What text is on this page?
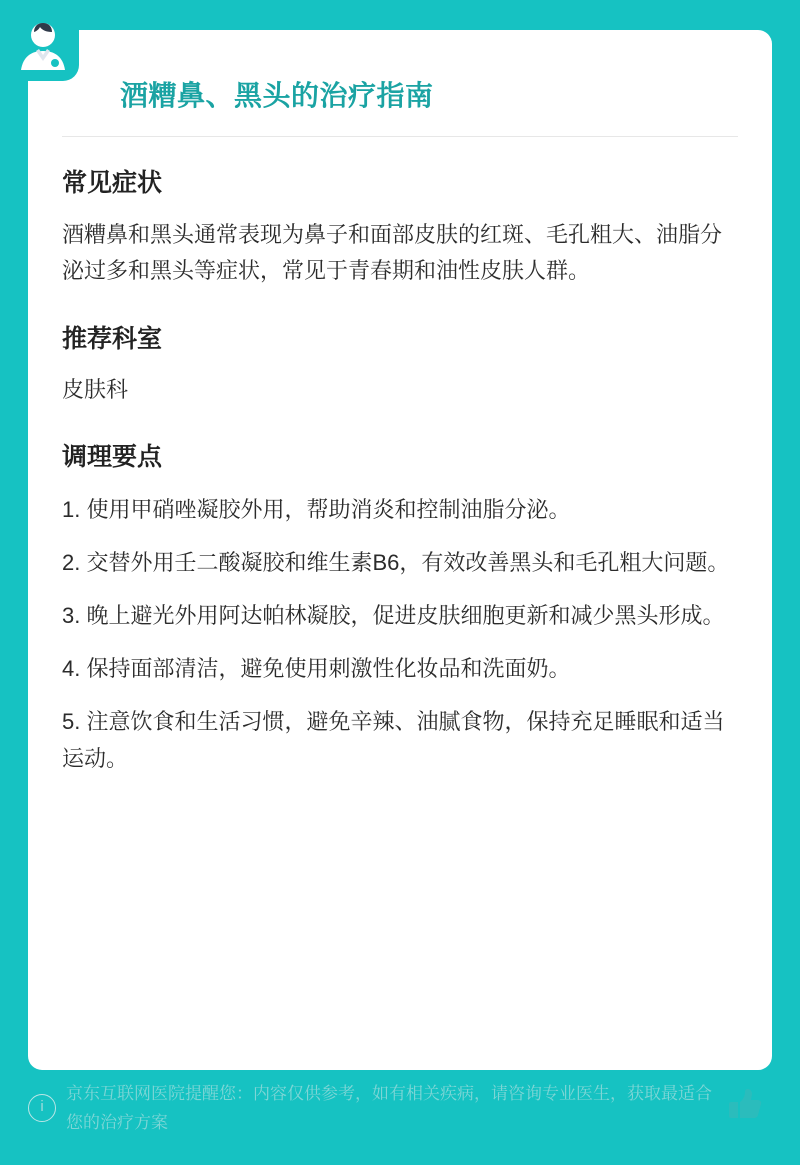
酒糟鼻、黑头的治疗指南
常见症状

酒糟鼻和黑头通常表现为鼻子和面部皮肤的红斑、毛孔粗大、油脂分泌过多和黑头等症状，常见于青春期和油性皮肤人群。

推荐科室

皮肤科

调理要点
1. 使用甲硝唑凝胶外用，帮助消炎和控制油脂分泌。
2. 交替外用壬二酸凝胶和维生素B6，有效改善黑头和毛孔粗大问题。
3. 晚上避光外用阿达帕林凝胶，促进皮肤细胞更新和减少黑头形成。
4. 保持面部清洁，避免使用刺激性化妆品和洗面奶。
5. 注意饮食和生活习惯，避免辛辣、油腻食物，保持充足睡眠和适当运动。
i
京东互联网医院提醒您：内容仅供参考，如有相关疾病，请咨询专业医生，获取最适合您的治疗方案
